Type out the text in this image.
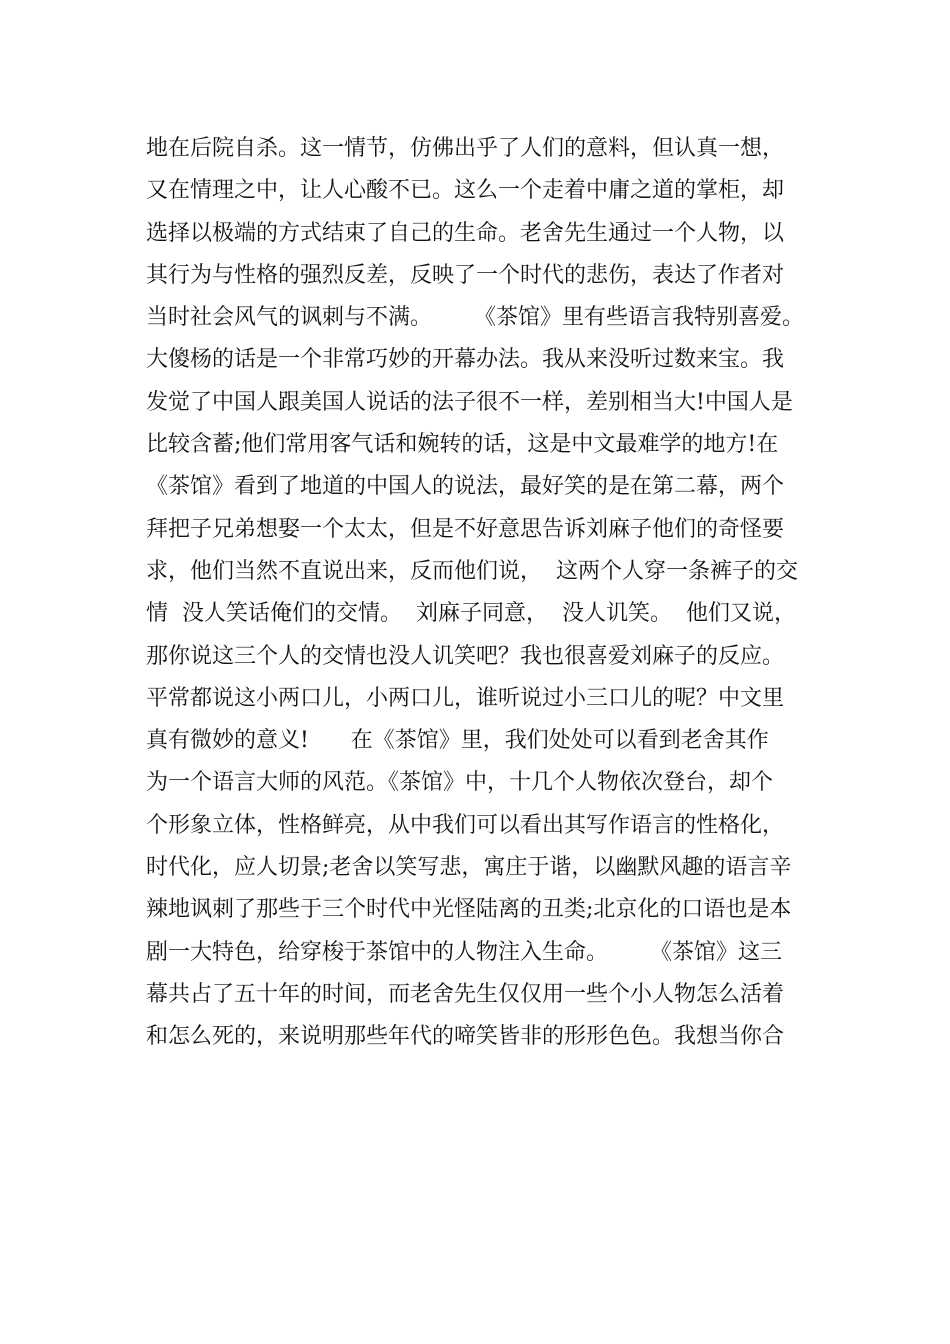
地在后院自杀。这一情节，仿佛出乎了人们的意料，但认真一想，
又在情理之中，让人心酸不已。这么一个走着中庸之道的掌柜，却
选择以极端的方式结束了自己的生命。老舍先生通过一个人物，以
其行为与性格的强烈反差，反映了一个时代的悲伤，表达了作者对
当时社会风气的讽刺与不满。      《茶馆》里有些语言我特别喜爱。
大傻杨的话是一个非常巧妙的开幕办法。我从来没听过数来宝。我
发觉了中国人跟美国人说话的法子很不一样，差别相当大!中国人是
比较含蓄;他们常用客气话和婉转的话，这是中文最难学的地方!在
《茶馆》看到了地道的中国人的说法，最好笑的是在第二幕，两个
拜把子兄弟想娶一个太太，但是不好意思告诉刘麻子他们的奇怪要
求，他们当然不直说出来，反而他们说，  这两个人穿一条裤子的交
情  没人笑话俺们的交情。  刘麻子同意，  没人讥笑。  他们又说，
那你说这三个人的交情也没人讥笑吧？我也很喜爱刘麻子的反应。
平常都说这小两口儿，小两口儿，谁听说过小三口儿的呢？中文里
真有微妙的意义!      在《茶馆》里，我们处处可以看到老舍其作
为一个语言大师的风范。《茶馆》中，十几个人物依次登台，却个
个形象立体，性格鲜亮，从中我们可以看出其写作语言的性格化，
时代化，应人切景;老舍以笑写悲，寓庄于谐，以幽默风趣的语言辛
辣地讽刺了那些于三个时代中光怪陆离的丑类;北京化的口语也是本
剧一大特色，给穿梭于茶馆中的人物注入生命。      《茶馆》这三
幕共占了五十年的时间，而老舍先生仅仅用一些个小人物怎么活着
和怎么死的，来说明那些年代的啼笑皆非的形形色色。我想当你合
